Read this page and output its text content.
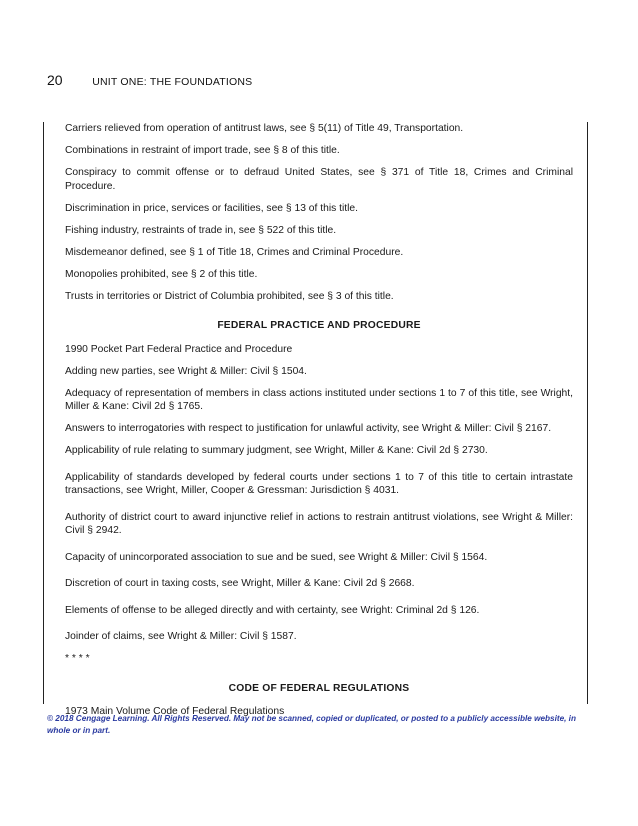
20	UNIT ONE: THE FOUNDATIONS

Carriers relieved from operation of antitrust laws, see § 5(11) of Title 49, Transportation.

Combinations in restraint of import trade, see § 8 of this title.

Conspiracy to commit offense or to defraud United States, see § 371 of Title 18, Crimes and Criminal Procedure.

Discrimination in price, services or facilities, see § 13 of this title.

Fishing industry, restraints of trade in, see § 522 of this title.

Misdemeanor defined, see § 1 of Title 18, Crimes and Criminal Procedure.

Monopolies prohibited, see § 2 of this title.

Trusts in territories or District of Columbia prohibited, see § 3 of this title.

FEDERAL PRACTICE AND PROCEDURE

1990 Pocket Part Federal Practice and Procedure

Adding new parties, see Wright & Miller: Civil § 1504.

Adequacy of representation of members in class actions instituted under sections 1 to 7 of this title, see Wright, Miller & Kane: Civil 2d § 1765.

Answers to interrogatories with respect to justification for unlawful activity, see Wright & Miller: Civil § 2167.

Applicability of rule relating to summary judgment, see Wright, Miller & Kane: Civil 2d § 2730.

Applicability of standards developed by federal courts under sections 1 to 7 of this title to certain intrastate transactions, see Wright, Miller, Cooper & Gressman: Jurisdiction § 4031.

Authority of district court to award injunctive relief in actions to restrain antitrust violations, see Wright & Miller: Civil § 2942.

Capacity of unincorporated association to sue and be sued, see Wright & Miller: Civil § 1564.

Discretion of court in taxing costs, see Wright, Miller & Kane: Civil 2d § 2668.

Elements of offense to be alleged directly and with certainty, see Wright: Criminal 2d § 126.

Joinder of claims, see Wright & Miller: Civil § 1587.

* * * *

CODE OF FEDERAL REGULATIONS

1973 Main Volume Code of Federal Regulations

© 2018 Cengage Learning. All Rights Reserved. May not be scanned, copied or duplicated, or posted to a publicly accessible website, in whole or in part.
